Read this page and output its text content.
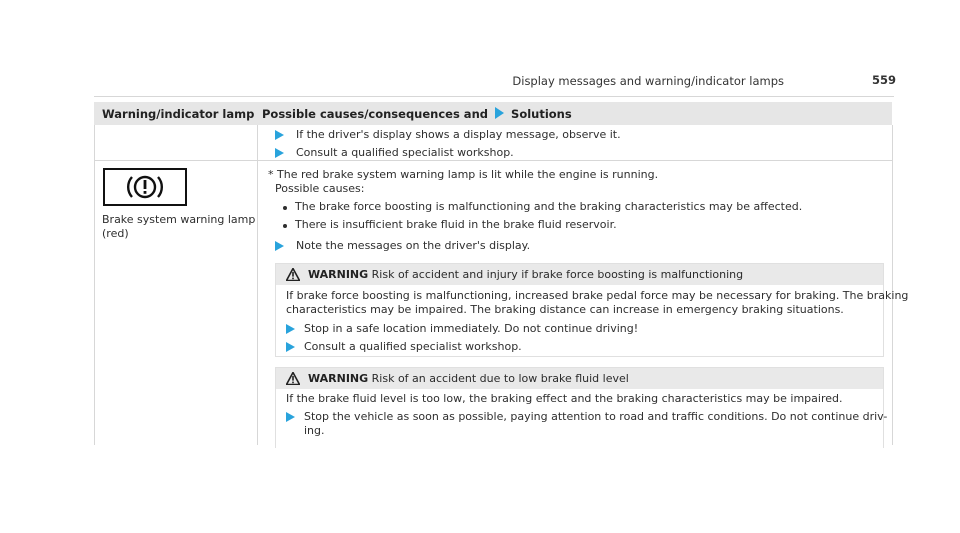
Display messages and warning/indicator lamps	559
Warning/indicator lamp Possible causes/consequences and Solutions
If the driver's display shows a display message, observe it.
Consult a qualified specialist workshop.
Brake system warning lamp
(red)
* The red brake system warning lamp is lit while the engine is running.
Possible causes:
The brake force boosting is malfunctioning and the braking characteristics may be affected.
There is insufficient brake fluid in the brake fluid reservoir.
Note the messages on the driver's display.
WARNING Risk of accident and injury if brake force boosting is malfunctioning
If brake force boosting is malfunctioning, increased brake pedal force may be necessary for braking. The braking
characteristics may be impaired. The braking distance can increase in emergency braking situations.
Stop in a safe location immediately. Do not continue driving!
Consult a qualified specialist workshop.
WARNING Risk of an accident due to low brake fluid level
If the brake fluid level is too low, the braking effect and the braking characteristics may be impaired.
Stop the vehicle as soon as possible, paying attention to road and traffic conditions. Do not continue driv-
ing.
